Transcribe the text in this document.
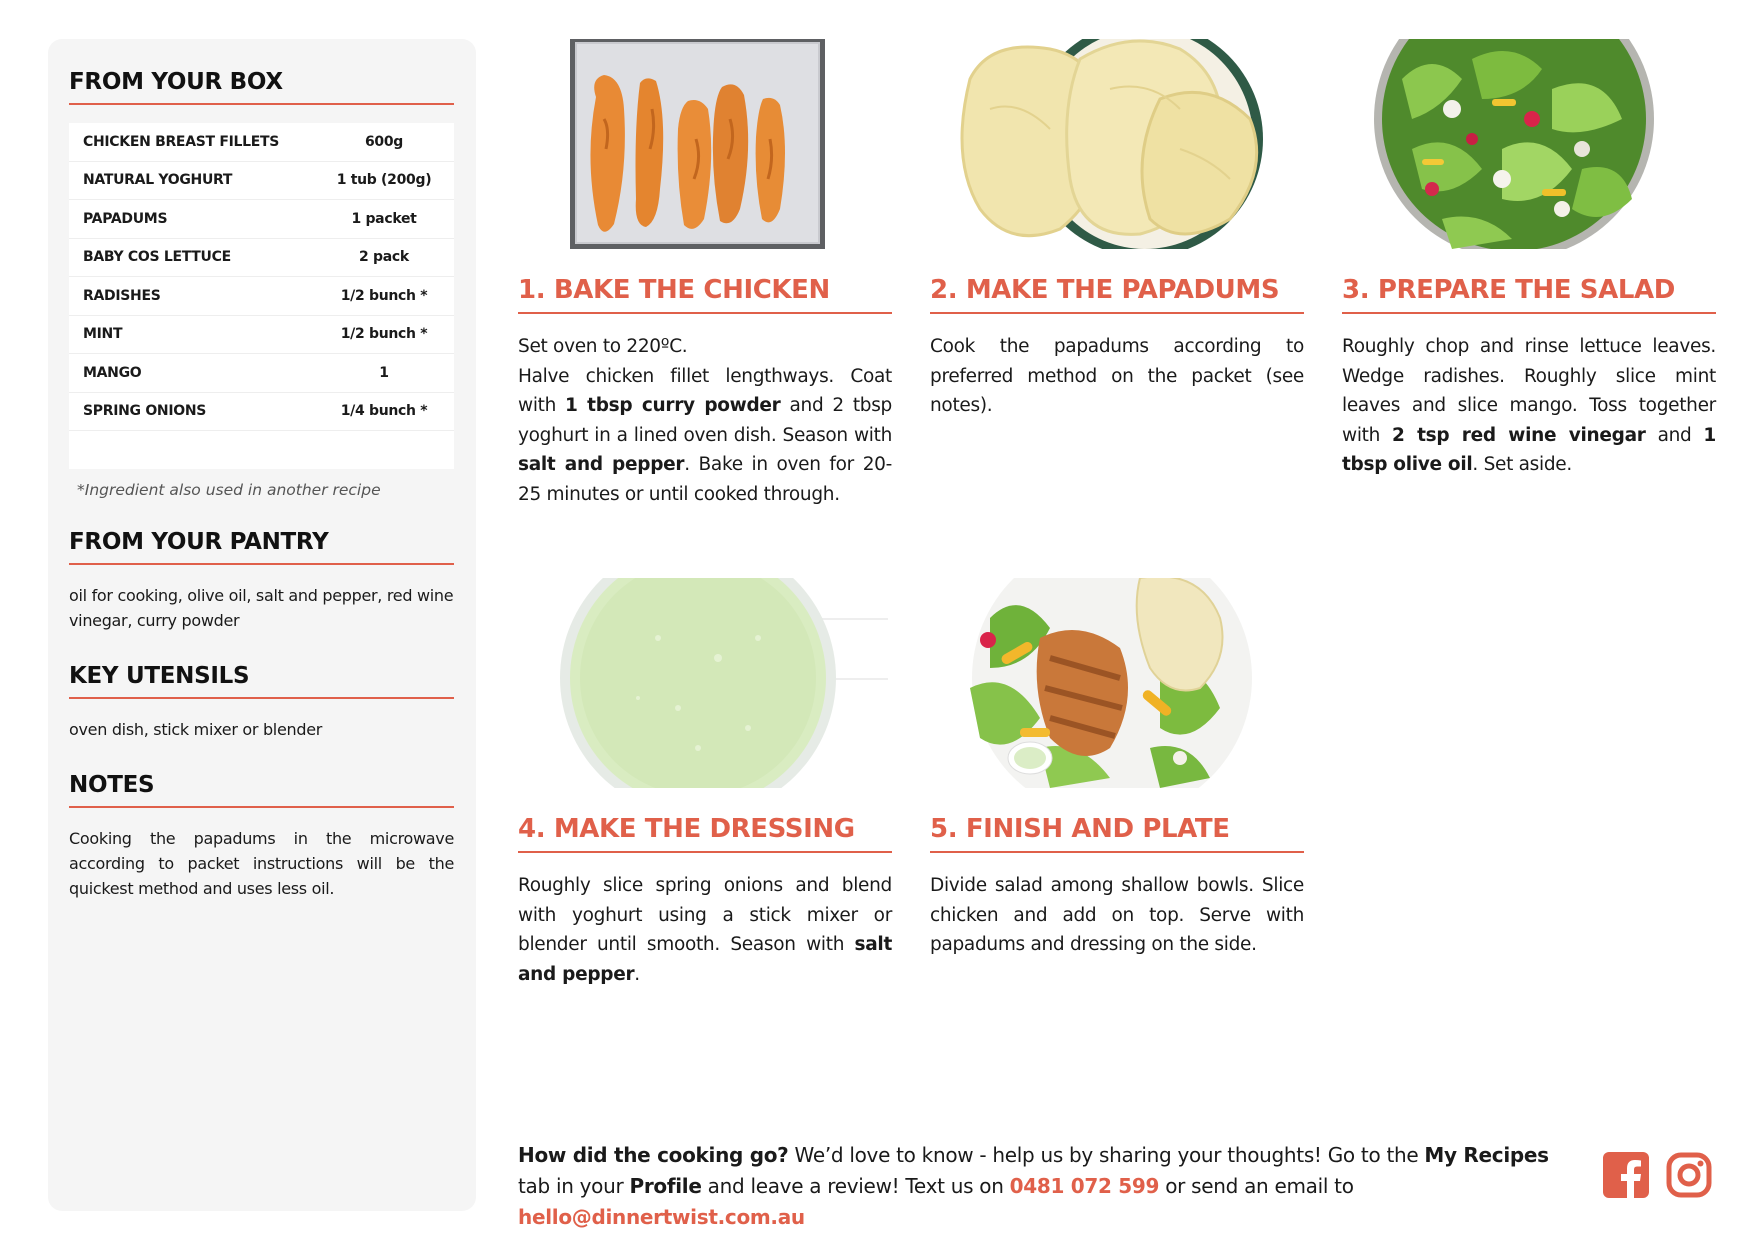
FROM YOUR BOX
CHICKEN BREAST FILLETS	600g
NATURAL YOGHURT	1 tub (200g)
PAPADUMS	1 packet
BABY COS LETTUCE	2 pack
RADISHES	1/2 bunch *
MINT	1/2 bunch *
MANGO	1
SPRING ONIONS	1/4 bunch *
*Ingredient also used in another recipe
FROM YOUR PANTRY
oil for cooking, olive oil, salt and pepper, red wine vinegar, curry powder
KEY UTENSILS
oven dish, stick mixer or blender
NOTES
Cooking the papadums in the microwave according to packet instructions will be the quickest method and uses less oil.
1. BAKE THE CHICKEN

Set oven to 220ºC.
Halve chicken fillet lengthways. Coat with 1 tbsp curry powder and 2 tbsp yoghurt in a lined oven dish. Season with salt and pepper. Bake in oven for 20-25 minutes or until cooked through.

2. MAKE THE PAPADUMS

Cook the papadums according to preferred method on the packet (see notes).

3. PREPARE THE SALAD

Roughly chop and rinse lettuce leaves. Wedge radishes. Roughly slice mint leaves and slice mango. Toss together with 2 tsp red wine vinegar and 1 tbsp olive oil. Set aside.

4. MAKE THE DRESSING

Roughly slice spring onions and blend with yoghurt using a stick mixer or blender until smooth. Season with salt and pepper.

5. FINISH AND PLATE

Divide salad among shallow bowls. Slice chicken and add on top. Serve with papadums and dressing on the side.

How did the cooking go? We’d love to know - help us by sharing your thoughts! Go to the My Recipes tab in your Profile and leave a review! Text us on 0481 072 599 or send an email to hello@dinnertwist.com.au
